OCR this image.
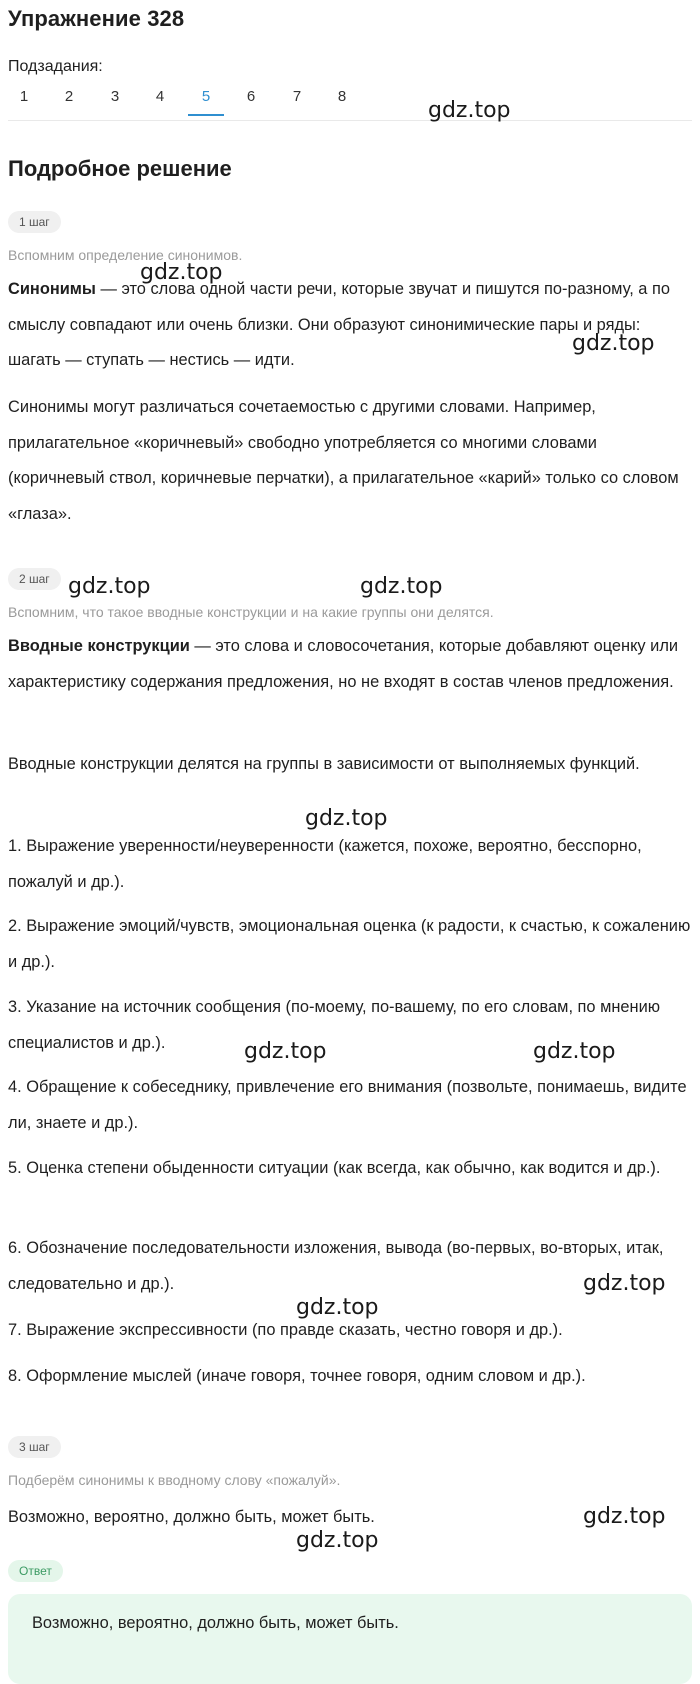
Упражнение 328
Подзадания:
1	2	3	4	5	6	7	8
Подробное решение
1 шаг
Вспомним определение синонимов.
Синонимы — это слова одной части речи, которые звучат и пишутся по-разному, а по смыслу совпадают или очень близки. Они образуют синонимические пары и ряды: шагать — ступать — нестись — идти.
Синонимы могут различаться сочетаемостью с другими словами. Например, прилагательное «коричневый» свободно употребляется со многими словами (коричневый ствол, коричневые перчатки), а прилагательное «карий» только со словом «глаза».
2 шаг
Вспомним, что такое вводные конструкции и на какие группы они делятся.
Вводные конструкции — это слова и словосочетания, которые добавляют оценку или характеристику содержания предложения, но не входят в состав членов предложения.
Вводные конструкции делятся на группы в зависимости от выполняемых функций.
1. Выражение уверенности/неуверенности (кажется, похоже, вероятно, бесспорно, пожалуй и др.).
2. Выражение эмоций/чувств, эмоциональная оценка (к радости, к счастью, к сожалению и др.).
3. Указание на источник сообщения (по-моему, по-вашему, по его словам, по мнению специалистов и др.).
4. Обращение к собеседнику, привлечение его внимания (позвольте, понимаешь, видите ли, знаете и др.).
5. Оценка степени обыденности ситуации (как всегда, как обычно, как водится и др.).
6. Обозначение последовательности изложения, вывода (во-первых, во-вторых, итак, следовательно и др.).
7. Выражение экспрессивности (по правде сказать, честно говоря и др.).
8. Оформление мыслей (иначе говоря, точнее говоря, одним словом и др.).
3 шаг
Подберём синонимы к вводному слову «пожалуй».
Возможно, вероятно, должно быть, может быть.
Ответ
Возможно, вероятно, должно быть, может быть.
gdz.top
gdz.top
gdz.top
gdz.top	gdz.top
gdz.top
gdz.top	gdz.top
gdz.top
gdz.top
gdz.top
gdz.top
